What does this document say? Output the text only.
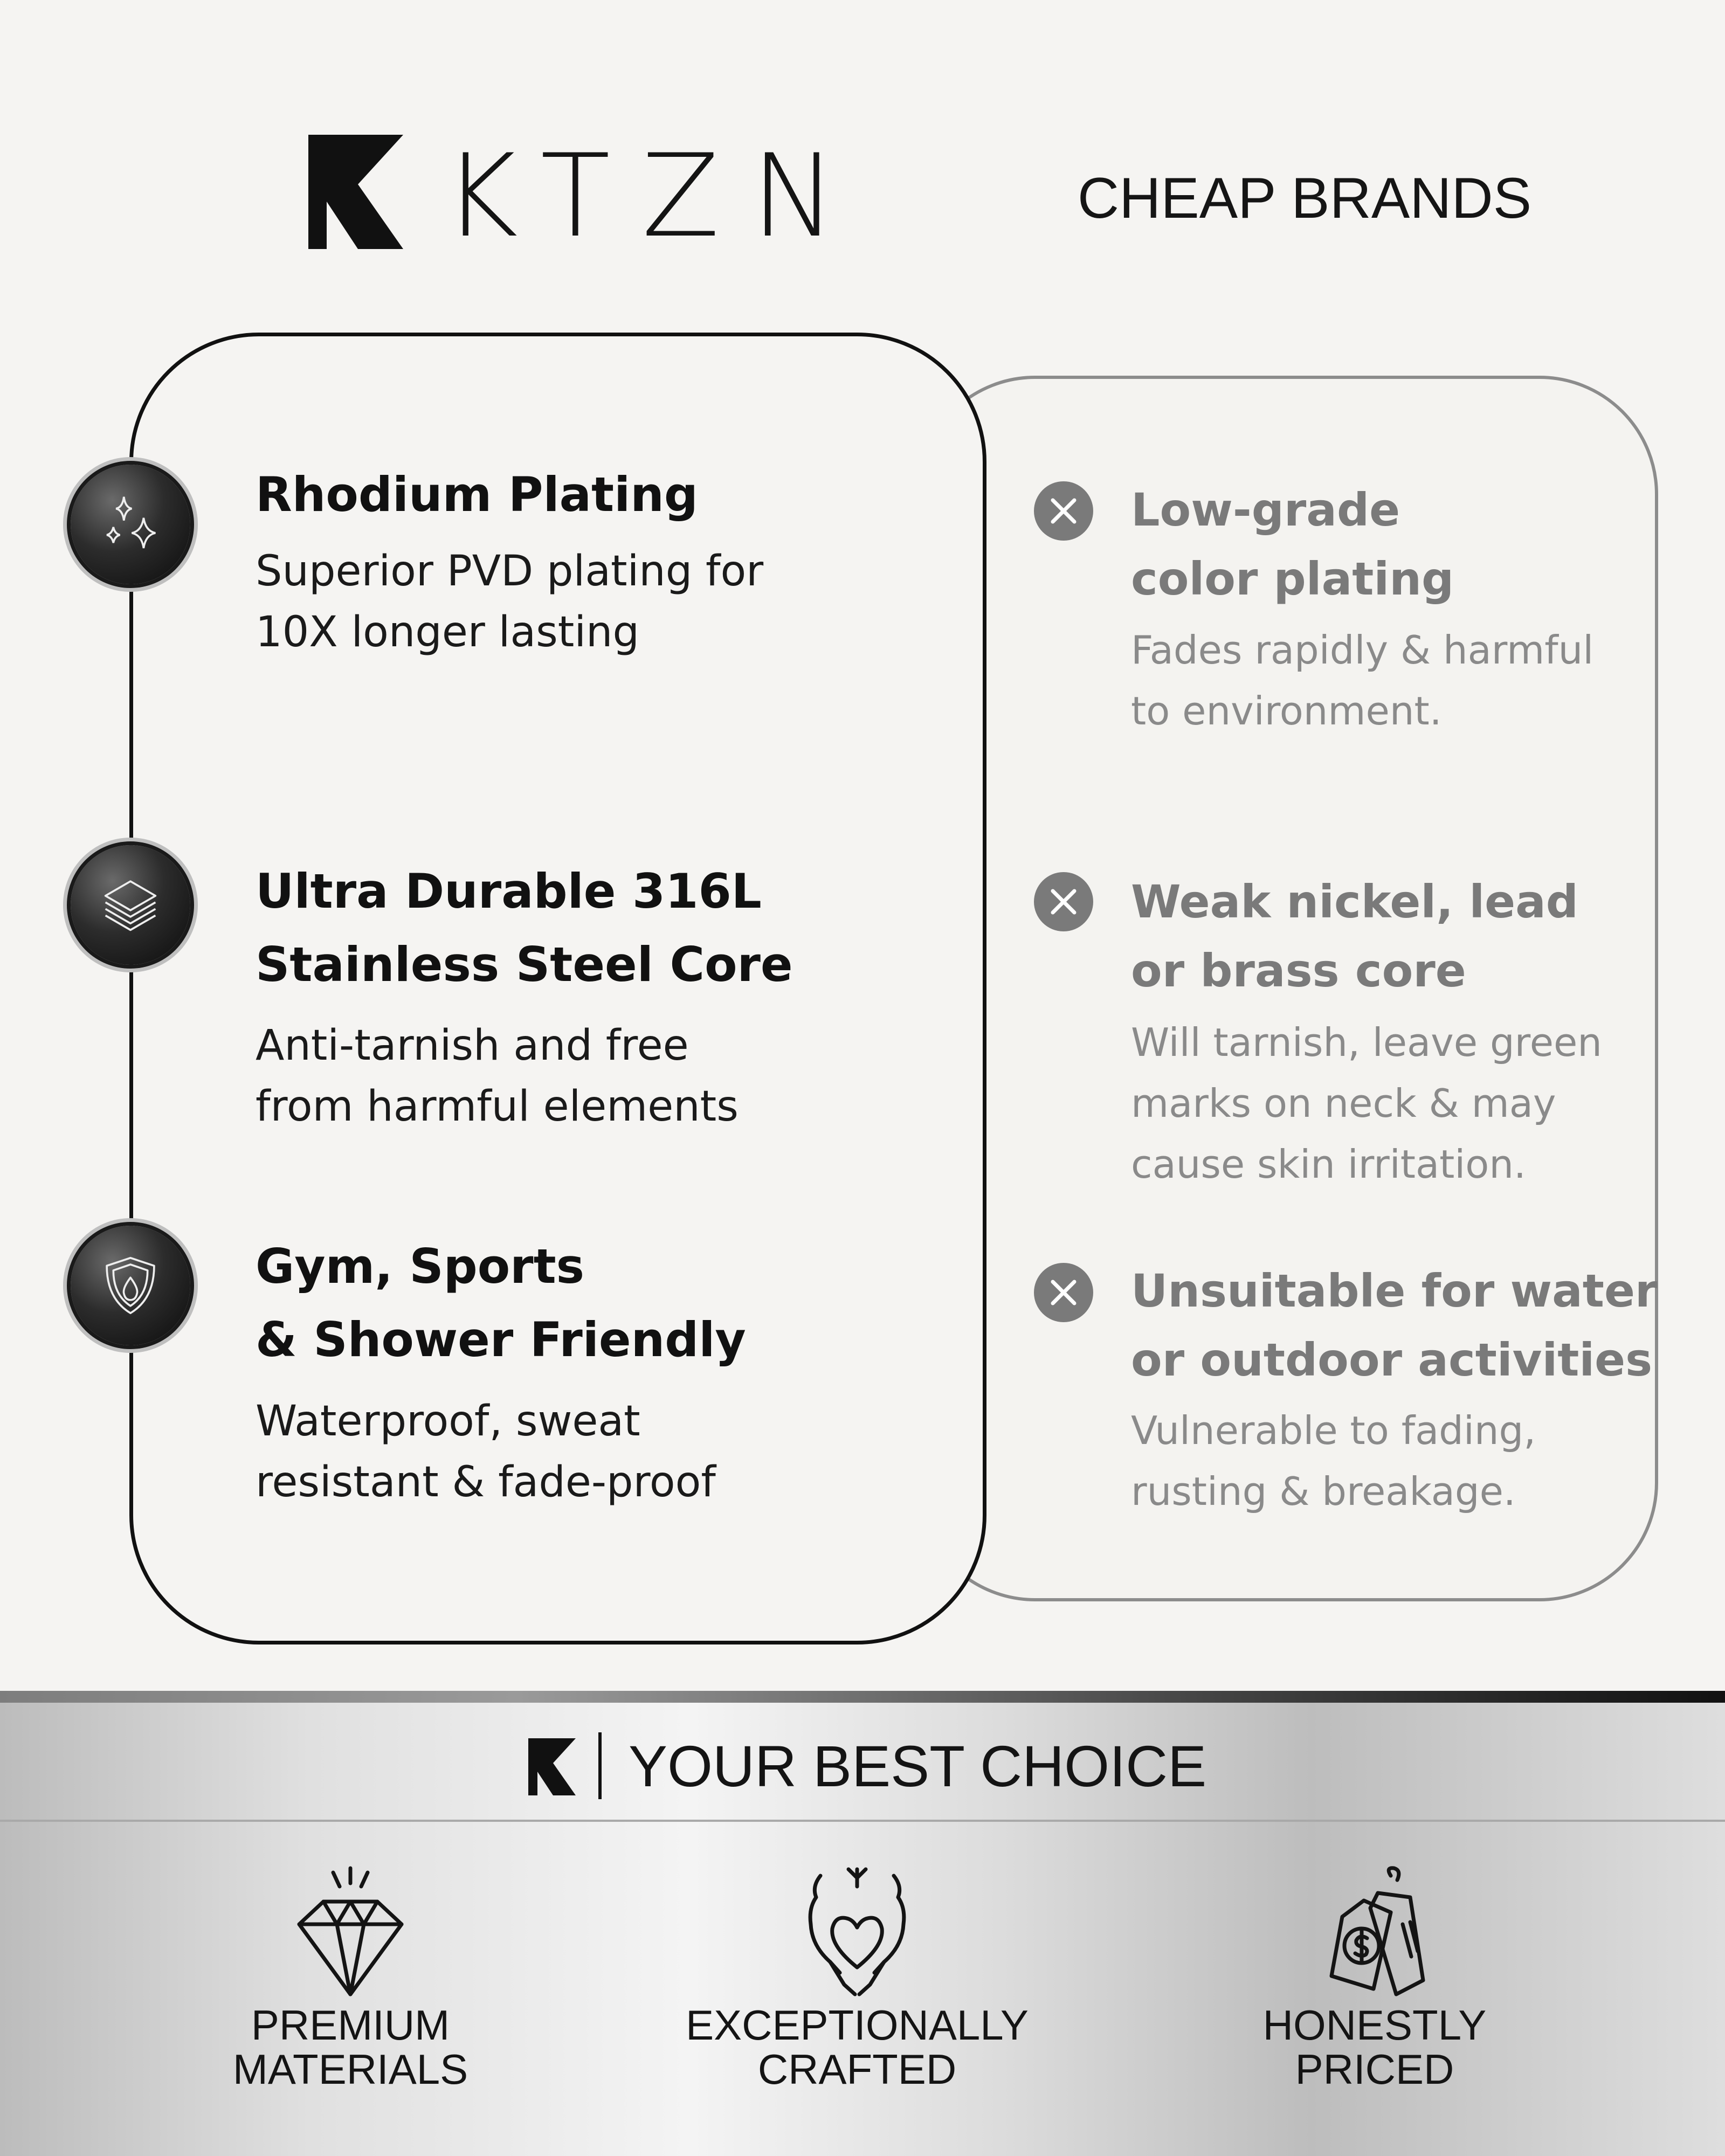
KTZN	CHEAP BRANDS
Rhodium Plating
Superior PVD plating for
10X longer lasting
Ultra Durable 316L
Stainless Steel Core
Anti-tarnish and free
from harmful elements
Gym, Sports
& Shower Friendly
Waterproof, sweat
resistant & fade-proof
Low-grade
color plating
Fades rapidly & harmful
to environment.
Weak nickel, lead
or brass core
Will tarnish, leave green
marks on neck & may
cause skin irritation.
Unsuitable for water
or outdoor activities
Vulnerable to fading,
rusting & breakage.
YOUR BEST CHOICE
PREMIUM
MATERIALS
EXCEPTIONALLY
CRAFTED
HONESTLY
PRICED
